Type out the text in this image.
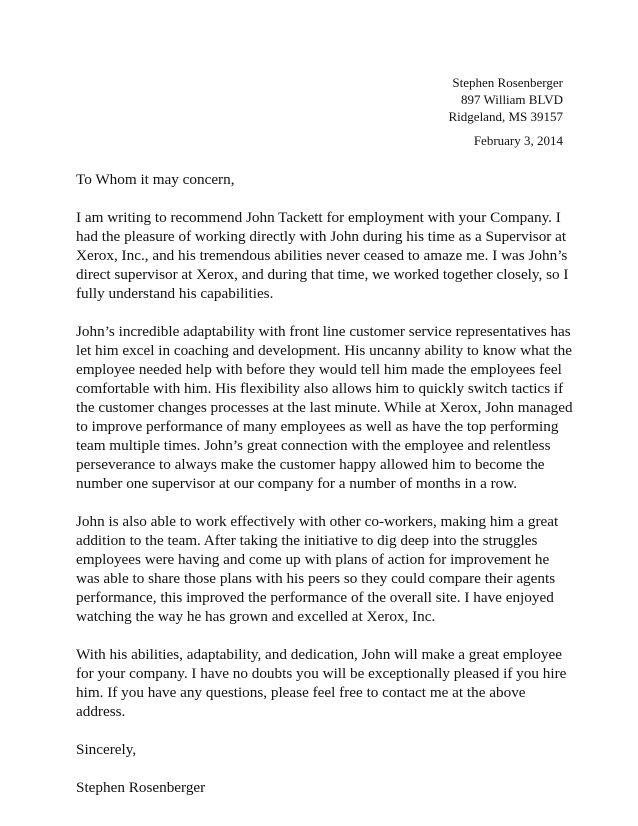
Stephen Rosenberger
897 William BLVD
Ridgeland, MS 39157
February 3, 2014

To Whom it may concern,

I am writing to recommend John Tackett for employment with your Company. I had the pleasure of working directly with John during his time as a Supervisor at Xerox, Inc., and his tremendous abilities never ceased to amaze me. I was John’s direct supervisor at Xerox, and during that time, we worked together closely, so I fully understand his capabilities.

John’s incredible adaptability with front line customer service representatives has let him excel in coaching and development. His uncanny ability to know what the employee needed help with before they would tell him made the employees feel comfortable with him. His flexibility also allows him to quickly switch tactics if the customer changes processes at the last minute. While at Xerox, John managed to improve performance of many employees as well as have the top performing team multiple times. John’s great connection with the employee and relentless perseverance to always make the customer happy allowed him to become the number one supervisor at our company for a number of months in a row.

John is also able to work effectively with other co-workers, making him a great addition to the team. After taking the initiative to dig deep into the struggles employees were having and come up with plans of action for improvement he was able to share those plans with his peers so they could compare their agents performance, this improved the performance of the overall site. I have enjoyed watching the way he has grown and excelled at Xerox, Inc.

With his abilities, adaptability, and dedication, John will make a great employee for your company. I have no doubts you will be exceptionally pleased if you hire him. If you have any questions, please feel free to contact me at the above address.

Sincerely,

Stephen Rosenberger
